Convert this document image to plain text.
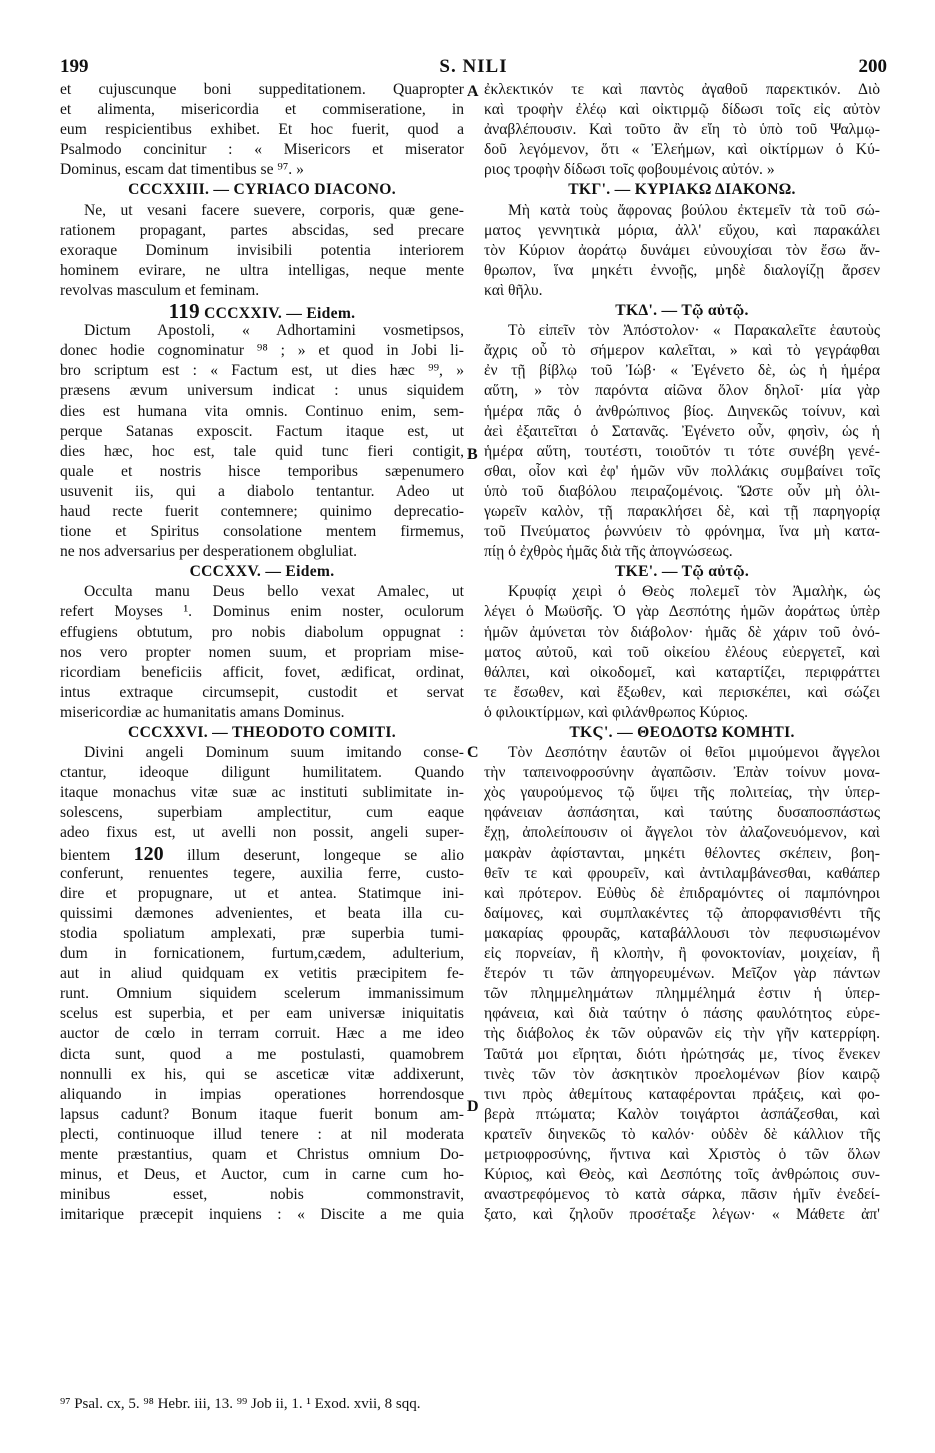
199	S. NILI	200
A
B
C
D
et cujuscunque boni suppeditationem. Quapropter
et alimenta, misericordia et commiseratione, in
eum respicientibus exhibet. Et hoc fuerit, quod a
Psalmodo concinitur : « Misericors et miserator
Dominus, escam dat timentibus se ⁹⁷. »
CCCXXIII. — CYRIACO DIACONO.
Ne, ut vesani facere suevere, corporis, quæ gene-
rationem propagant, partes abscidas, sed precare
exoraque Dominum invisibili potentia interiorem
hominem evirare, ne ultra intelligas, neque mente
revolvas masculum et feminam.
119 CCCXXIV. — Eidem.
Dictum Apostoli, « Adhortamini vosmetipsos,
donec hodie cognominatur ⁹⁸ ; » et quod in Jobi li-
bro scriptum est : « Factum est, ut dies hæc ⁹⁹, »
præsens ævum universum indicat : unus siquidem
dies est humana vita omnis. Continuo enim, sem-
perque Satanas exposcit. Factum itaque est, ut
dies hæc, hoc est, tale quid tunc fieri contigit,
quale et nostris hisce temporibus sæpenumero
usuvenit iis, qui a diabolo tentantur. Adeo ut
haud recte fuerit contemnere; quinimo deprecatio-
tione et Spiritus consolatione mentem firmemus,
ne nos adversarius per desperationem obgluliat.
CCCXXV. — Eidem.
Occulta manu Deus bello vexat Amalec, ut
refert Moyses ¹. Dominus enim noster, oculorum
effugiens obtutum, pro nobis diabolum oppugnat :
nos vero propter nomen suum, et propriam mise-
ricordiam beneficiis afficit, fovet, ædificat, ordinat,
intus extraque circumsepit, custodit et servat
misericordiæ ac humanitatis amans Dominus.
CCCXXVI. — THEODOTO COMITI.
Divini angeli Dominum suum imitando conse-
ctantur, ideoque diligunt humilitatem. Quando
itaque monachus vitæ suæ ac instituti sublimitate in-
solescens, superbiam amplectitur, cum eaque
adeo fixus est, ut avelli non possit, angeli super-
bientem 120 illum deserunt, longeque se alio
conferunt, renuentes tegere, auxilia ferre, custo-
dire et propugnare, ut et antea. Statimque ini-
quissimi dæmones advenientes, et beata illa cu-
stodia spoliatum amplexati, præ superbia tumi-
dum in fornicationem, furtum,cædem, adulterium,
aut in aliud quidquam ex vetitis præcipitem fe-
runt. Omnium siquidem scelerum immanissimum
scelus est superbia, et per eam universæ iniquitatis
auctor de cœlo in terram corruit. Hæc a me ideo
dicta sunt, quod a me postulasti, quamobrem
nonnulli ex his, qui se asceticæ vitæ addixerunt,
aliquando in impias operationes horrendosque
lapsus cadunt? Bonum itaque fuerit bonum am-
plecti, continuoque illud tenere : at nil moderata
mente præstantius, quam et Christus omnium Do-
minus, et Deus, et Auctor, cum in carne cum ho-
minibus esset, nobis commonstravit,
imitarique præcepit inquiens : « Discite a me quia
ἐκλεκτικόν τε καὶ παντὸς ἀγαθοῦ παρεκτικόν. Διὸ
καὶ τροφὴν ἐλέῳ καὶ οἰκτιρμῷ δίδωσι τοῖς εἰς αὐτὸν
ἀναβλέπουσιν. Καὶ τοῦτο ἂν εἴη τὸ ὑπὸ τοῦ Ψαλμῳ-
δοῦ λεγόμενον, ὅτι « Ἐλεήμων, καὶ οἰκτίρμων ὁ Κύ-
ριος τροφὴν δίδωσι τοῖς φοβουμένοις αὐτόν. »
ΤΚΓ'. — ΚΥΡΙΑΚΩ ΔΙΑΚΟΝΩ.
Μὴ κατὰ τοὺς ἄφρονας βούλου ἐκτεμεῖν τὰ τοῦ σώ-
ματος γεννητικὰ μόρια, ἀλλ' εὔχου, καὶ παρακάλει
τὸν Κύριον ἀοράτῳ δυνάμει εὐνουχίσαι τὸν ἔσω ἄν-
θρωπον, ἵνα μηκέτι ἐννοῇς, μηδὲ διαλογίζῃ ἄρσεν
καὶ θῆλυ.
ΤΚΔ'. — Τῷ αὐτῷ.
Τὸ εἰπεῖν τὸν Ἀπόστολον· « Παρακαλεῖτε ἑαυτοὺς
ἄχρις οὗ τὸ σήμερον καλεῖται, » καὶ τὸ γεγράφθαι
ἐν τῇ βίβλῳ τοῦ Ἰώβ· « Ἐγένετο δὲ, ὡς ἡ ἡμέρα
αὕτη, » τὸν παρόντα αἰῶνα ὅλον δηλοῖ· μία γὰρ
ἡμέρα πᾶς ὁ ἀνθρώπινος βίος. Διηνεκῶς τοίνυν, καὶ
ἀεὶ ἐξαιτεῖται ὁ Σατανᾶς. Ἐγένετο οὖν, φησὶν, ὡς ἡ
ἡμέρα αὕτη, τουτέστι, τοιοῦτόν τι τότε συνέβη γενέ-
σθαι, οἷον καὶ ἐφ' ἡμῶν νῦν πολλάκις συμβαίνει τοῖς
ὑπὸ τοῦ διαβόλου πειραζομένοις. Ὥστε οὖν μὴ ὀλι-
γωρεῖν καλὸν, τῇ παρακλήσει δὲ, καὶ τῇ παρηγορίᾳ
τοῦ Πνεύματος ῥωννύειν τὸ φρόνημα, ἵνα μὴ κατα-
πίῃ ὁ ἐχθρὸς ἡμᾶς διὰ τῆς ἀπογνώσεως.
ΤΚΕ'. — Τῷ αὐτῷ.
Κρυφίᾳ χειρὶ ὁ Θεὸς πολεμεῖ τὸν Ἀμαλὴκ, ὡς
λέγει ὁ Μωϋσῆς. Ὁ γὰρ Δεσπότης ἡμῶν ἀοράτως ὑπὲρ
ἡμῶν ἀμύνεται τὸν διάβολον· ἡμᾶς δὲ χάριν τοῦ ὀνό-
ματος αὐτοῦ, καὶ τοῦ οἰκείου ἐλέους εὐεργετεῖ, καὶ
θάλπει, καὶ οἰκοδομεῖ, καὶ καταρτίζει, περιφράττει
τε ἔσωθεν, καὶ ἔξωθεν, καὶ περισκέπει, καὶ σώζει
ὁ φιλοικτίρμων, καὶ φιλάνθρωπος Κύριος.
ΤΚϚ'. — ΘΕΟΔΟΤΩ ΚΟΜΗΤΙ.
Τὸν Δεσπότην ἑαυτῶν οἱ θεῖοι μιμούμενοι ἄγγελοι
τὴν ταπεινοφροσύνην ἀγαπῶσιν. Ἐπὰν τοίνυν μονα-
χὸς γαυρούμενος τῷ ὕψει τῆς πολιτείας, τὴν ὑπερ-
ηφάνειαν ἀσπάσηται, καὶ ταύτης δυσαποσπάστως
ἔχῃ, ἀπολείπουσιν οἱ ἄγγελοι τὸν ἀλαζονευόμενον, καὶ
μακρὰν ἀφίστανται, μηκέτι θέλοντες σκέπειν, βοη-
θεῖν τε καὶ φρουρεῖν, καὶ ἀντιλαμβάνεσθαι, καθάπερ
καὶ πρότερον. Εὐθὺς δὲ ἐπιδραμόντες οἱ παμπόνηροι
δαίμονες, καὶ συμπλακέντες τῷ ἀπορφανισθέντι τῆς
μακαρίας φρουρᾶς, καταβάλλουσι τὸν πεφυσιωμένον
εἰς πορνείαν, ἢ κλοπὴν, ἢ φονοκτονίαν, μοιχείαν, ἢ
ἕτερόν τι τῶν ἀπηγορευμένων. Μεῖζον γὰρ πάντων
τῶν πλημμελημάτων πλημμέλημά ἐστιν ἡ ὑπερ-
ηφάνεια, καὶ διὰ ταύτην ὁ πάσης φαυλότητος εὑρε-
τὴς διάβολος ἐκ τῶν οὐρανῶν εἰς τὴν γῆν κατερρίφη.
Ταῦτά μοι εἴρηται, διότι ἠρώτησάς με, τίνος ἕνεκεν
τινὲς τῶν τὸν ἀσκητικὸν προελομένων βίον καιρῷ
τινι πρὸς ἀθεμίτους καταφέρονται πράξεις, καὶ φο-
βερὰ πτώματα; Καλὸν τοιγάρτοι ἀσπάζεσθαι, καὶ
κρατεῖν διηνεκῶς τὸ καλόν· οὐδὲν δὲ κάλλιον τῆς
μετριοφροσύνης, ἥντινα καὶ Χριστὸς ὁ τῶν ὅλων
Κύριος, καὶ Θεὸς, καὶ Δεσπότης τοῖς ἀνθρώποις συν-
αναστρεφόμενος τὸ κατὰ σάρκα, πᾶσιν ἡμῖν ἐνεδεί-
ξατο, καὶ ζηλοῦν προσέταξε λέγων· « Μάθετε ἀπ'
⁹⁷ Psal. cx, 5. ⁹⁸ Hebr. iii, 13. ⁹⁹ Job ii, 1. ¹ Exod. xvii, 8 sqq.
